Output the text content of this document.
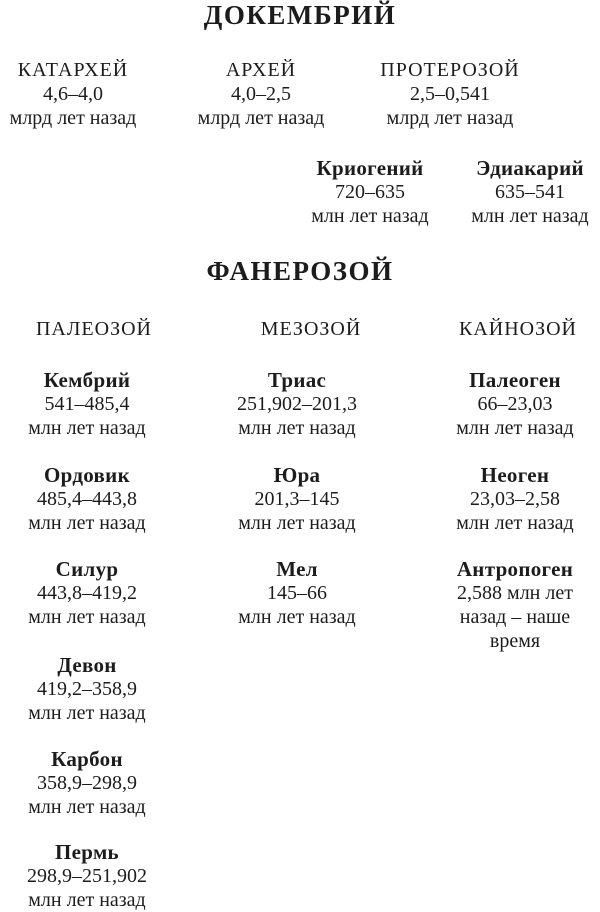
ДОКЕМБРИЙ
КАТАРХЕЙ
4,6–4,0
млрд лет назад
АРХЕЙ
4,0–2,5
млрд лет назад
ПРОТЕРОЗОЙ
2,5–0,541
млрд лет назад
Криогений
720–635
млн лет назад
Эдиакарий
635–541
млн лет назад
ФАНЕРОЗОЙ
ПАЛЕОЗОЙ	МЕЗОЗОЙ	КАЙНОЗОЙ
Кембрий
541–485,4
млн лет назад
Ордовик
485,4–443,8
млн лет назад
Силур
443,8–419,2
млн лет назад
Девон
419,2–358,9
млн лет назад
Карбон
358,9–298,9
млн лет назад
Пермь
298,9–251,902
млн лет назад
Триас
251,902–201,3
млн лет назад
Юра
201,3–145
млн лет назад
Мел
145–66
млн лет назад
Палеоген
66–23,03
млн лет назад
Неоген
23,03–2,58
млн лет назад
Антропоген
2,588 млн лет назад – наше время
